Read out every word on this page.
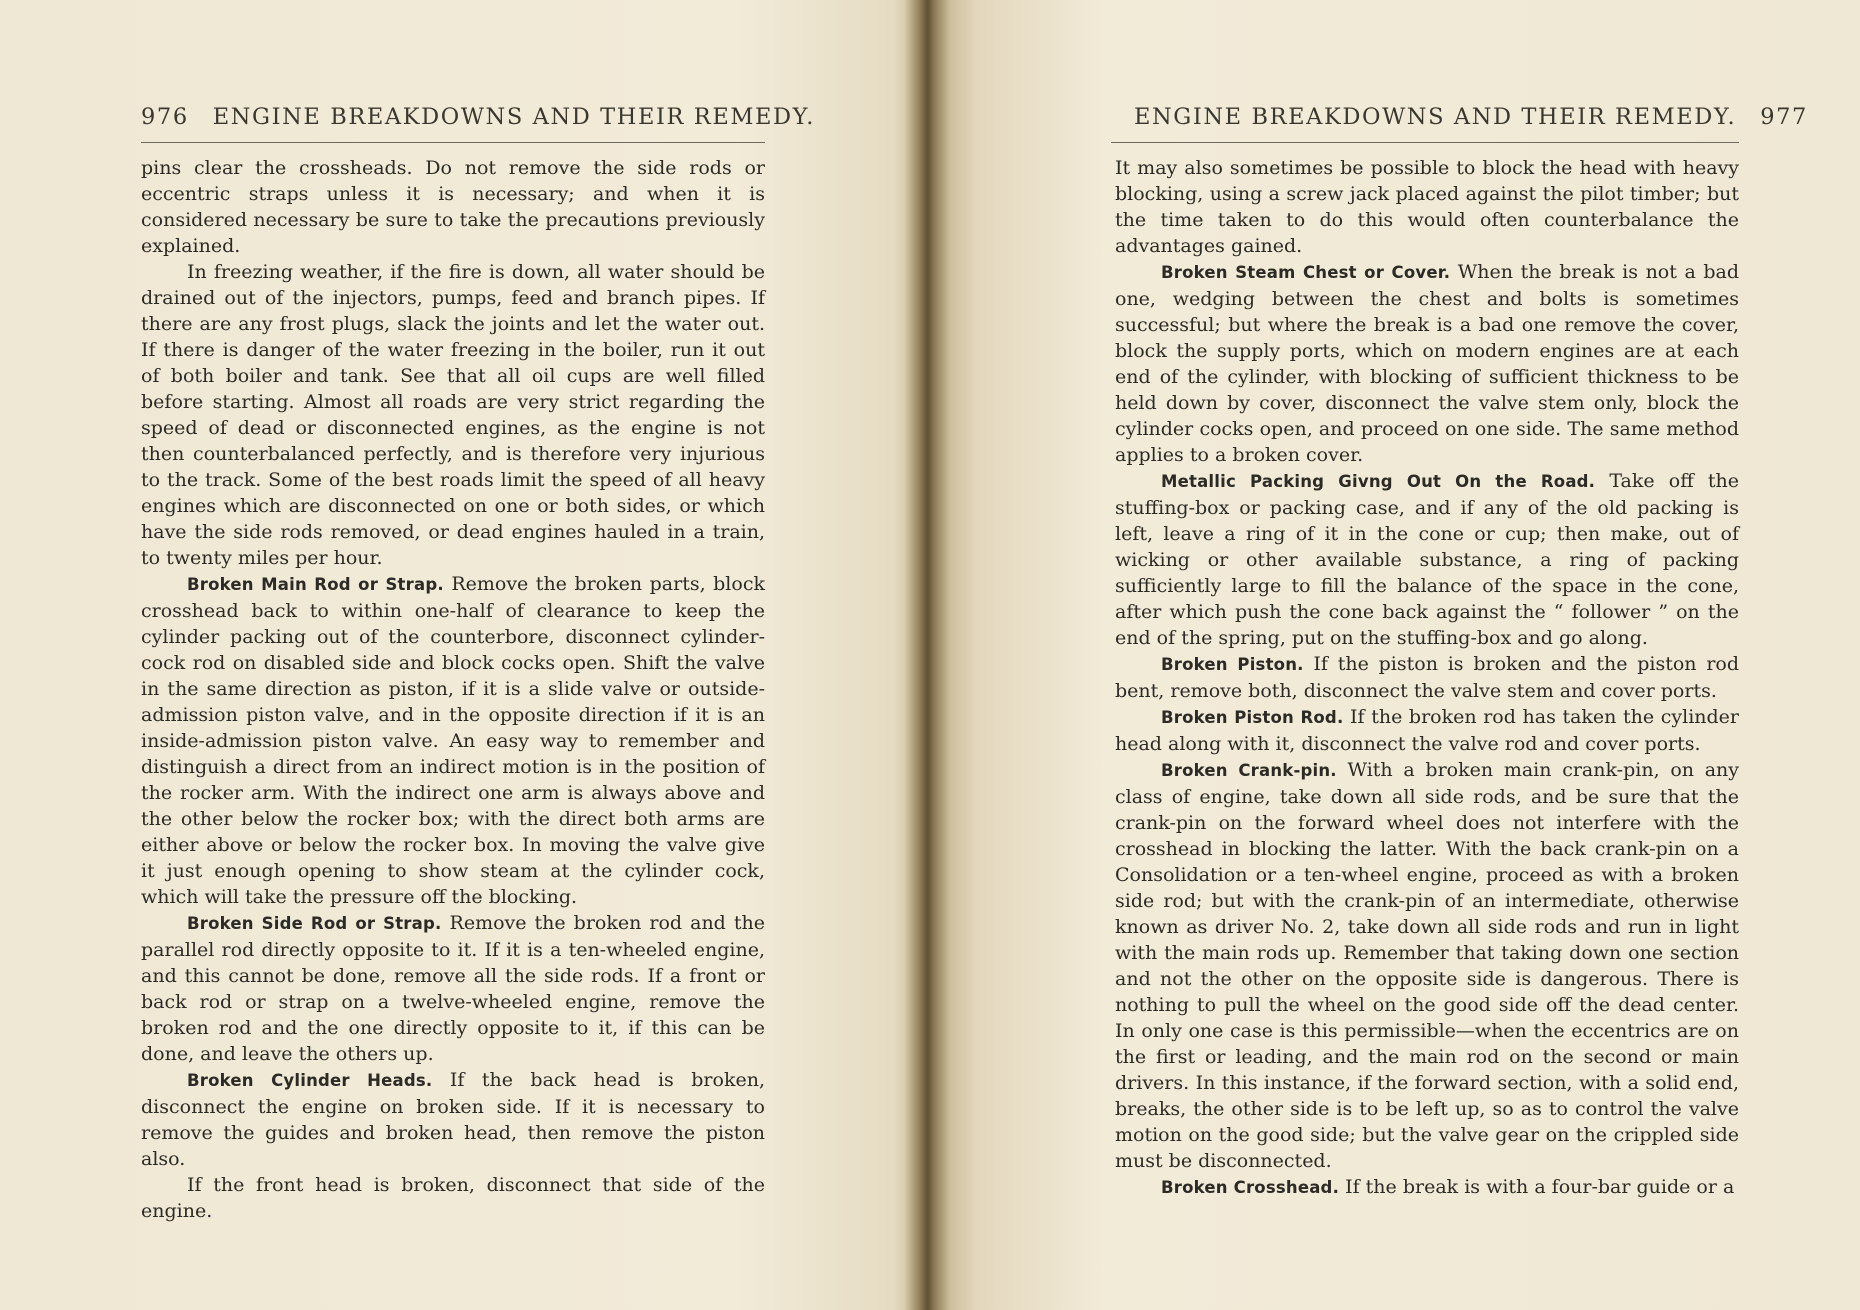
976 ENGINE BREAKDOWNS AND THEIR REMEDY.	ENGINE BREAKDOWNS AND THEIR REMEDY. 977

pins clear the crossheads. Do not remove the side rods or eccentric straps unless it is necessary; and when it is considered necessary be sure to take the precautions previously explained.

In freezing weather, if the fire is down, all water should be drained out of the injectors, pumps, feed and branch pipes. If there are any frost plugs, slack the joints and let the water out. If there is danger of the water freezing in the boiler, run it out of both boiler and tank. See that all oil cups are well filled before starting. Almost all roads are very strict regarding the speed of dead or disconnected engines, as the engine is not then counterbalanced perfectly, and is therefore very injurious to the track. Some of the best roads limit the speed of all heavy engines which are disconnected on one or both sides, or which have the side rods removed, or dead engines hauled in a train, to twenty miles per hour.

Broken Main Rod or Strap. Remove the broken parts, block crosshead back to within one-half of clearance to keep the cylinder packing out of the counterbore, disconnect cylinder-cock rod on disabled side and block cocks open. Shift the valve in the same direction as piston, if it is a slide valve or outside-admission piston valve, and in the opposite direction if it is an inside-admission piston valve. An easy way to remember and distinguish a direct from an indirect motion is in the position of the rocker arm. With the indirect one arm is always above and the other below the rocker box; with the direct both arms are either above or below the rocker box. In moving the valve give it just enough opening to show steam at the cylinder cock, which will take the pressure off the blocking.

Broken Side Rod or Strap. Remove the broken rod and the parallel rod directly opposite to it. If it is a ten-wheeled engine, and this cannot be done, remove all the side rods. If a front or back rod or strap on a twelve-wheeled engine, remove the broken rod and the one directly opposite to it, if this can be done, and leave the others up.

Broken Cylinder Heads. If the back head is broken, disconnect the engine on broken side. If it is necessary to remove the guides and broken head, then remove the piston also.

If the front head is broken, disconnect that side of the engine.

It may also sometimes be possible to block the head with heavy blocking, using a screw jack placed against the pilot timber; but the time taken to do this would often counterbalance the advantages gained.

Broken Steam Chest or Cover. When the break is not a bad one, wedging between the chest and bolts is sometimes successful; but where the break is a bad one remove the cover, block the supply ports, which on modern engines are at each end of the cylinder, with blocking of sufficient thickness to be held down by cover, disconnect the valve stem only, block the cylinder cocks open, and proceed on one side. The same method applies to a broken cover.

Metallic Packing Givng Out On the Road. Take off the stuffing-box or packing case, and if any of the old packing is left, leave a ring of it in the cone or cup; then make, out of wicking or other available substance, a ring of packing sufficiently large to fill the balance of the space in the cone, after which push the cone back against the “ follower ” on the end of the spring, put on the stuffing-box and go along.

Broken Piston. If the piston is broken and the piston rod bent, remove both, disconnect the valve stem and cover ports.

Broken Piston Rod. If the broken rod has taken the cylinder head along with it, disconnect the valve rod and cover ports.

Broken Crank-pin. With a broken main crank-pin, on any class of engine, take down all side rods, and be sure that the crank-pin on the forward wheel does not interfere with the crosshead in blocking the latter. With the back crank-pin on a Consolidation or a ten-wheel engine, proceed as with a broken side rod; but with the crank-pin of an intermediate, otherwise known as driver No. 2, take down all side rods and run in light with the main rods up. Remember that taking down one section and not the other on the opposite side is dangerous. There is nothing to pull the wheel on the good side off the dead center. In only one case is this permissible—when the eccentrics are on the first or leading, and the main rod on the second or main drivers. In this instance, if the forward section, with a solid end, breaks, the other side is to be left up, so as to control the valve motion on the good side; but the valve gear on the crippled side must be disconnected.

Broken Crosshead. If the break is with a four-bar guide or a
